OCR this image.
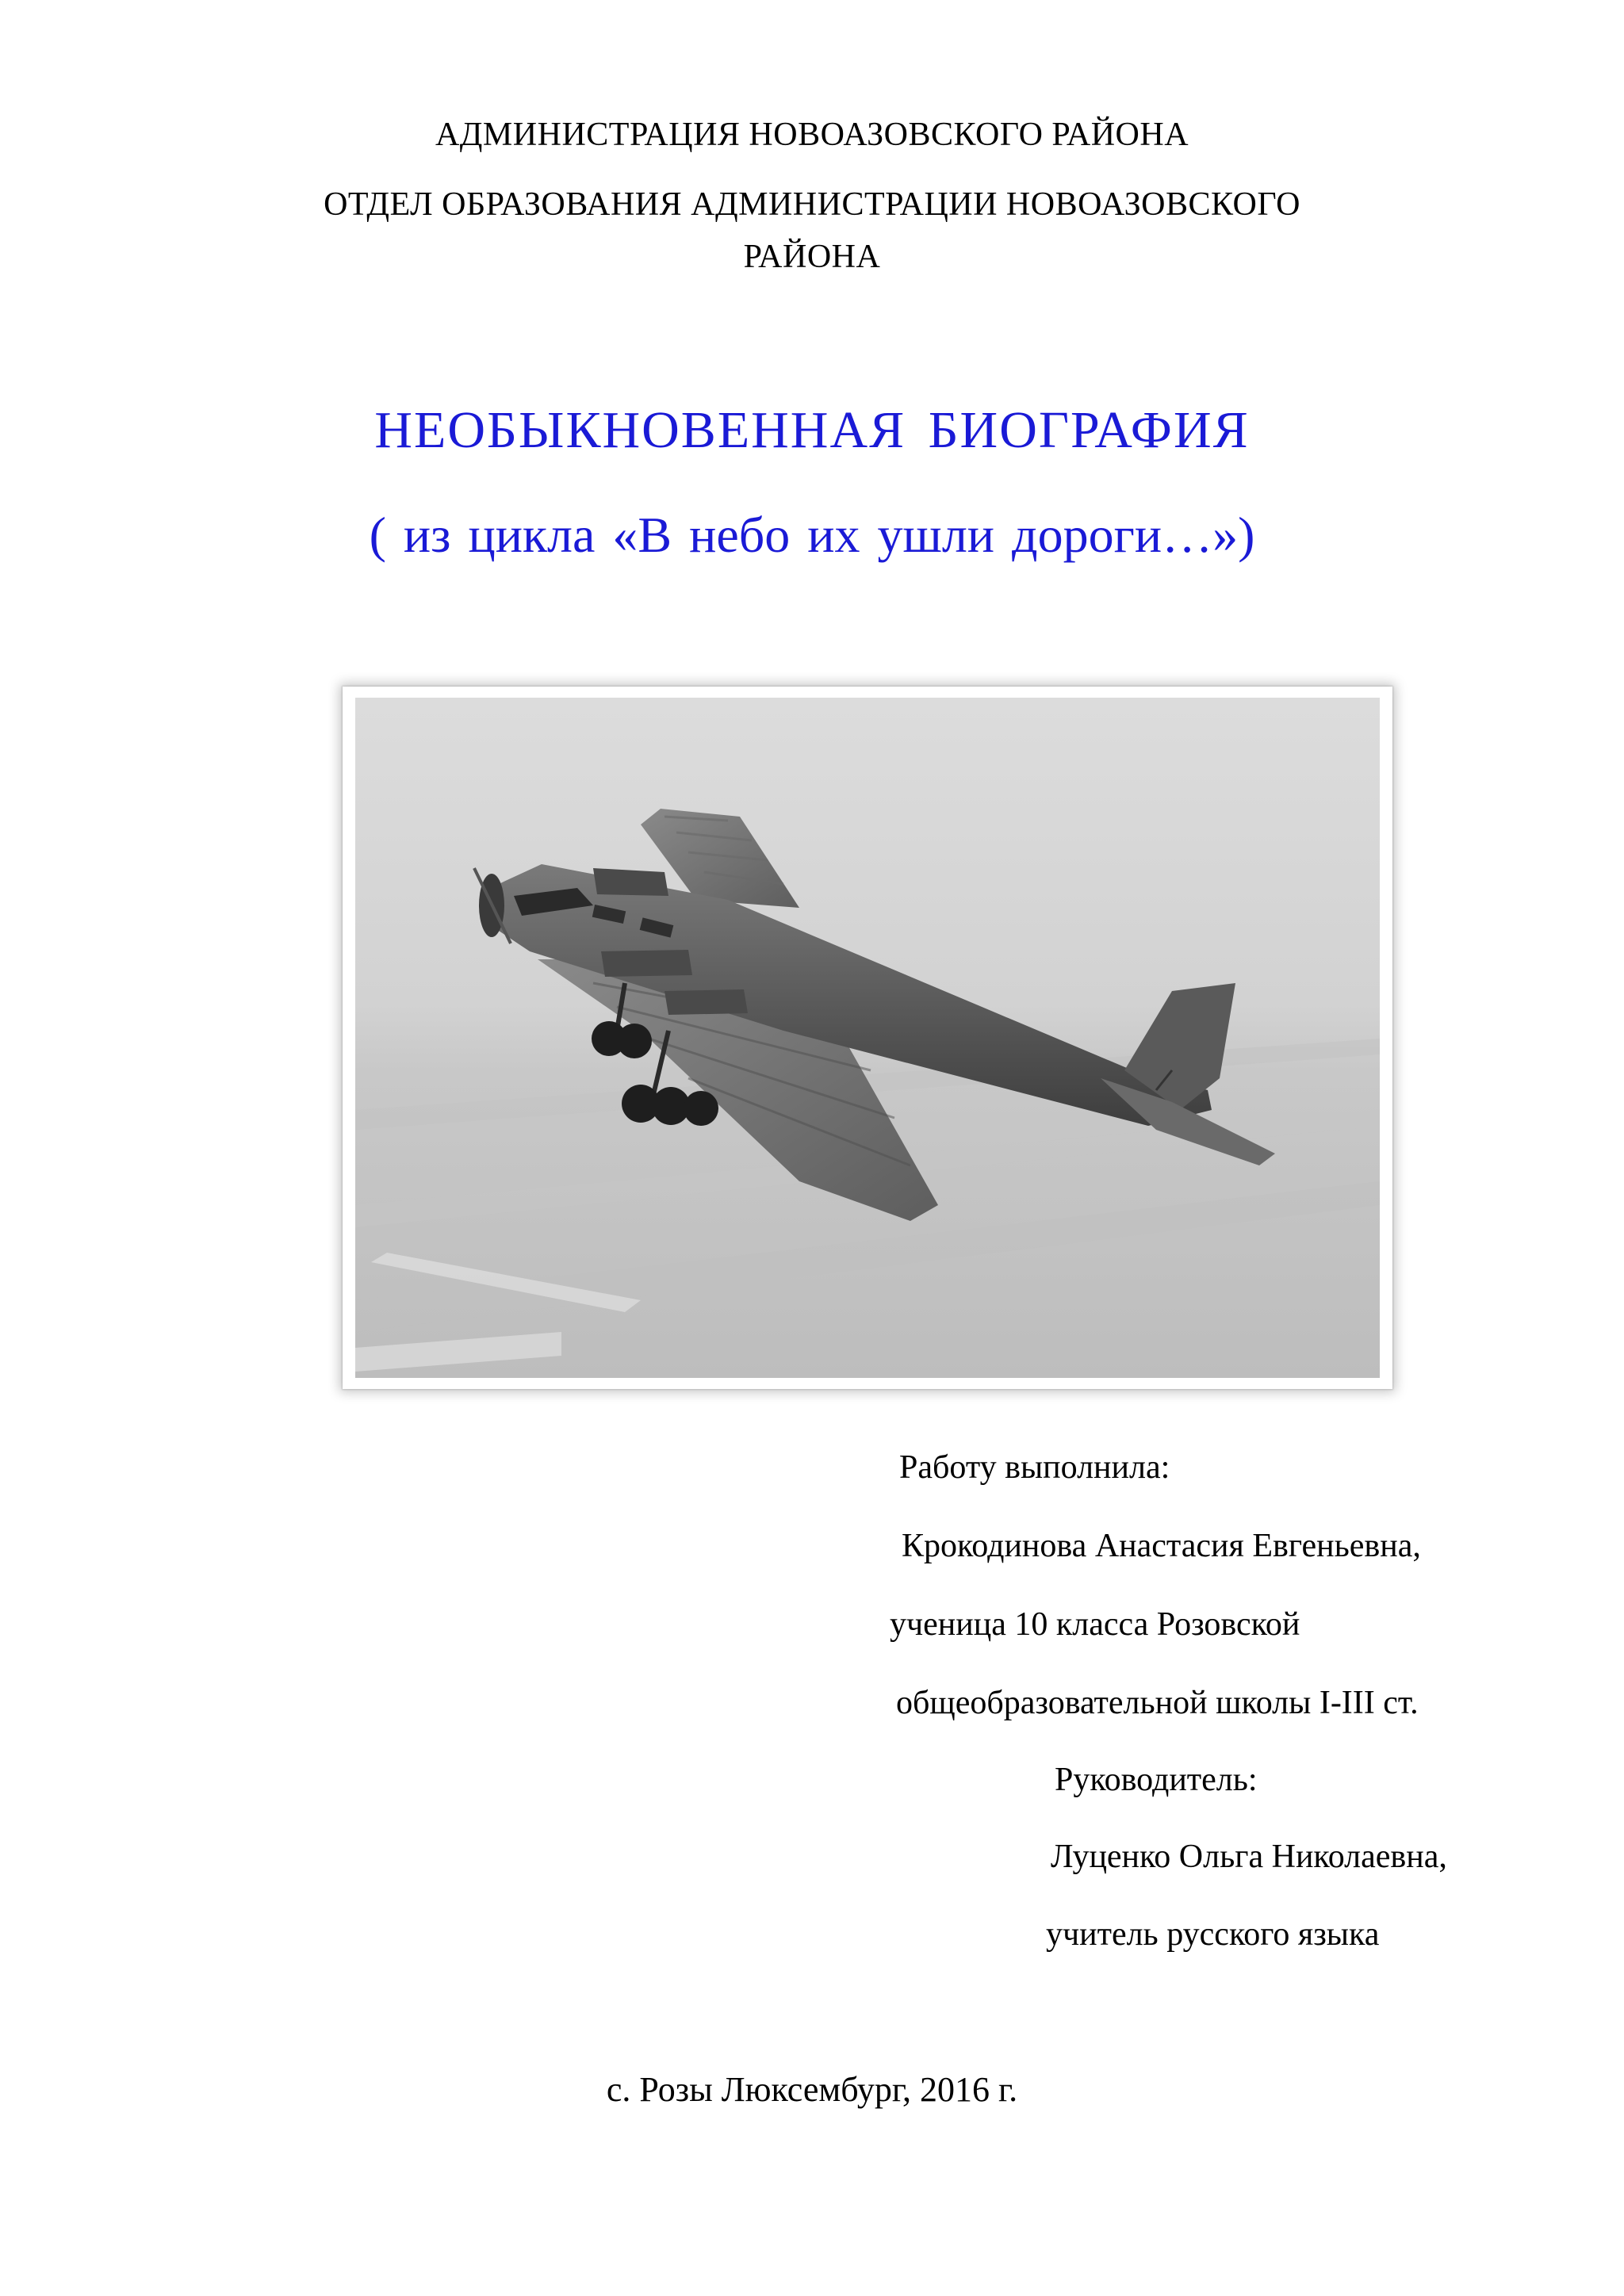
АДМИНИСТРАЦИЯ НОВОАЗОВСКОГО РАЙОНА
ОТДЕЛ ОБРАЗОВАНИЯ АДМИНИСТРАЦИИ НОВОАЗОВСКОГО
РАЙОНА
НЕОБЫКНОВЕННАЯ БИОГРАФИЯ
( из цикла «В небо их ушли дороги…»)
Работу выполнила:
Крокодинова Анастасия Евгеньевна,
ученица 10 класса Розовской
общеобразовательной школы І-ІІІ ст.
Руководитель:
Луценко Ольга Николаевна,
учитель русского языка
с. Розы Люксембург, 2016 г.
